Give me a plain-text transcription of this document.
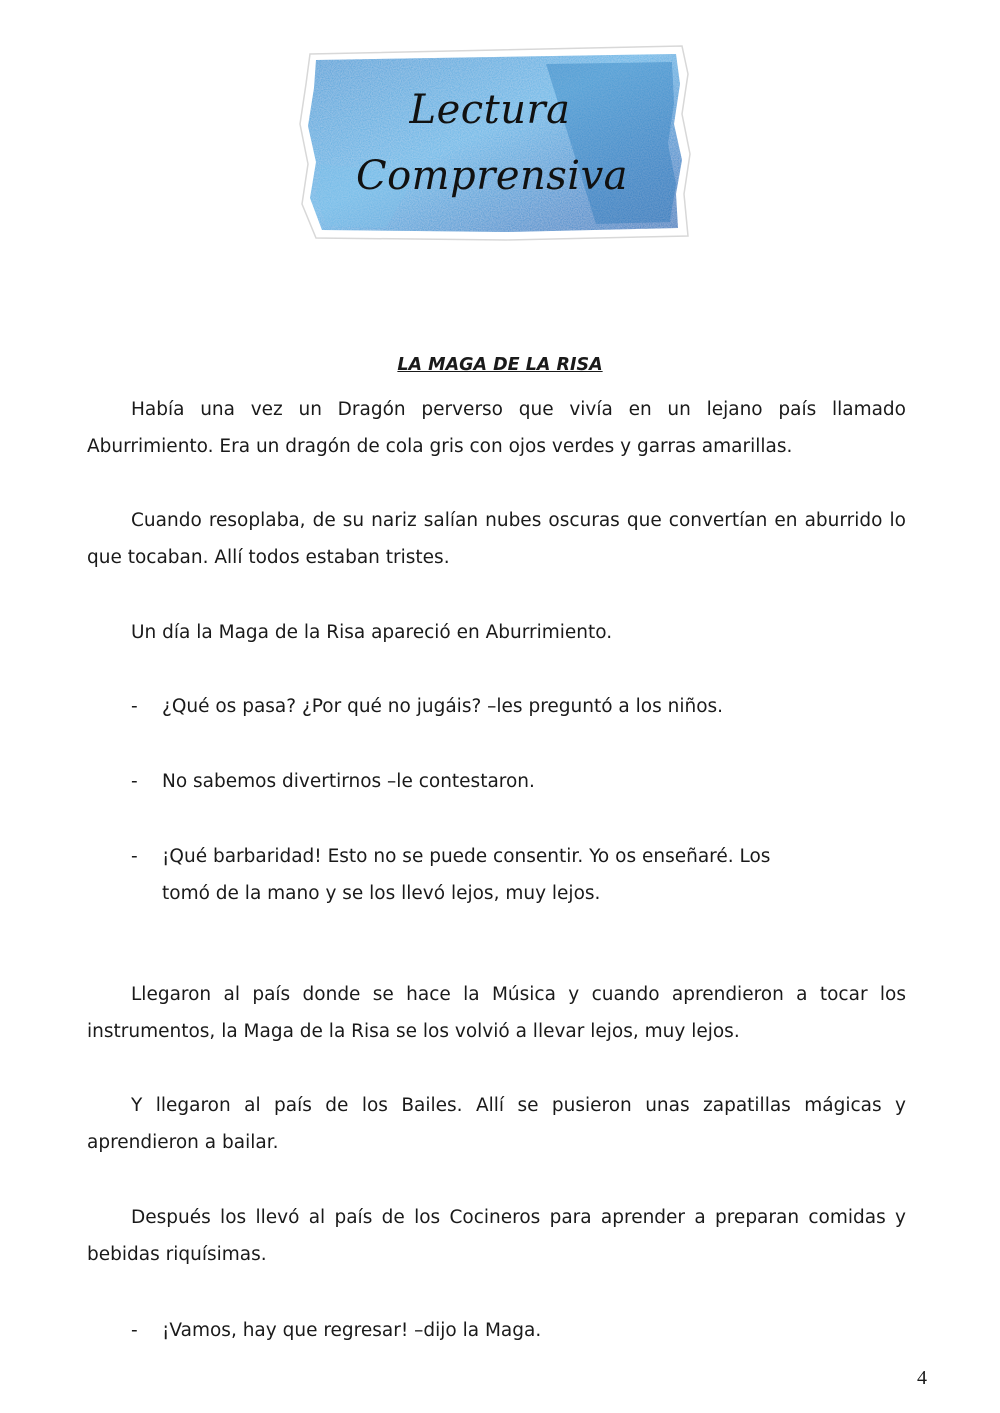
Lectura
Comprensiva
LA MAGA DE LA RISA

Había una vez un Dragón perverso que vivía en un lejano país llamado Aburrimiento. Era un dragón de cola gris con ojos verdes y garras amarillas.

Cuando resoplaba, de su nariz salían nubes oscuras que convertían en aburrido lo que tocaban. Allí todos estaban tristes.

Un día la Maga de la Risa apareció en Aburrimiento.

-	¿Qué os pasa? ¿Por qué no jugáis? –les preguntó a los niños.
-	No sabemos divertirnos –le contestaron.
-	¡Qué barbaridad! Esto no se puede consentir. Yo os enseñaré. Los tomó de la mano y se los llevó lejos, muy lejos.

Llegaron al país donde se hace la Música y cuando aprendieron a tocar los instrumentos, la Maga de la Risa se los volvió a llevar lejos, muy lejos.

Y llegaron al país de los Bailes. Allí se pusieron unas zapatillas mágicas y aprendieron a bailar.

Después los llevó al país de los Cocineros para aprender a preparan comidas y bebidas riquísimas.

-	¡Vamos, hay que regresar! –dijo la Maga.
4
